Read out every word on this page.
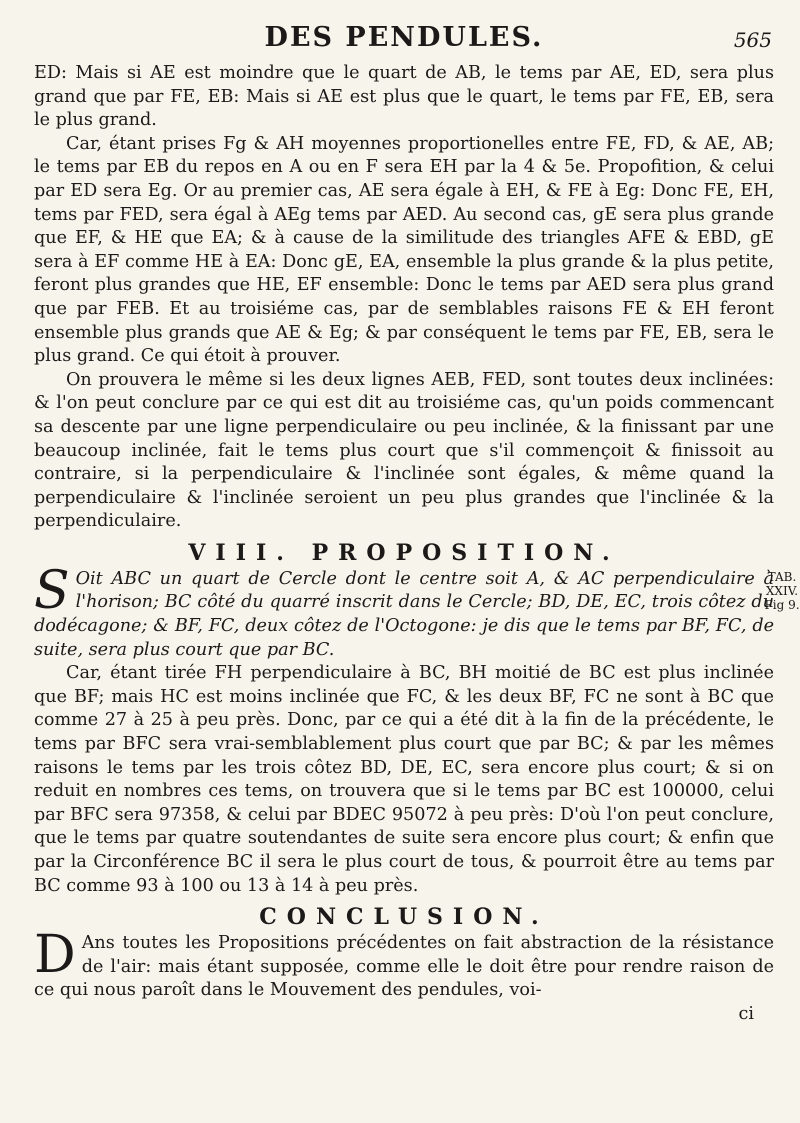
DES PENDULES.	565

ED: Mais si AE est moindre que le quart de AB, le tems par AE, ED, sera plus grand que par FE, EB: Mais si AE est plus que le quart, le tems par FE, EB, sera le plus grand.

Car, étant prises Fg & AH moyennes proportionelles entre FE, FD, & AE, AB; le tems par EB du repos en A ou en F sera EH par la 4 & 5e. Propofition, & celui par ED sera Eg. Or au premier cas, AE sera égale à EH, & FE à Eg: Donc FE, EH, tems par FED, sera égal à AEg tems par AED. Au second cas, gE sera plus grande que EF, & HE que EA; & à cause de la similitude des triangles AFE & EBD, gE sera à EF comme HE à EA: Donc gE, EA, ensemble la plus grande & la plus petite, feront plus grandes que HE, EF ensemble: Donc le tems par AED sera plus grand que par FEB. Et au troisiéme cas, par de semblables raisons FE & EH feront ensemble plus grands que AE & Eg; & par conséquent le tems par FE, EB, sera le plus grand. Ce qui étoit à prouver.

On prouvera le même si les deux lignes AEB, FED, sont toutes deux inclinées: & l'on peut conclure par ce qui est dit au troisiéme cas, qu'un poids commencant sa descente par une ligne perpendiculaire ou peu inclinée, & la finissant par une beaucoup inclinée, fait le tems plus court que s'il commençoit & finissoit au contraire, si la perpendiculaire & l'inclinée sont égales, & même quand la perpendiculaire & l'inclinée seroient un peu plus grandes que l'inclinée & la perpendiculaire.

VIII. PROPOSITION.
TAB. XXIV. Fig 9.

S Oit ABC un quart de Cercle dont le centre soit A, & AC perpendiculaire à l'horison; BC côté du quarré inscrit dans le Cercle; BD, DE, EC, trois côtez du dodécagone; & BF, FC, deux côtez de l'Octogone: je dis que le tems par BF, FC, de suite, sera plus court que par BC.

Car, étant tirée FH perpendiculaire à BC, BH moitié de BC est plus inclinée que BF; mais HC est moins inclinée que FC, & les deux BF, FC ne sont à BC que comme 27 à 25 à peu près. Donc, par ce qui a été dit à la fin de la précédente, le tems par BFC sera vrai-semblablement plus court que par BC; & par les mêmes raisons le tems par les trois côtez BD, DE, EC, sera encore plus court; & si on reduit en nombres ces tems, on trouvera que si le tems par BC est 100000, celui par BFC sera 97358, & celui par BDEC 95072 à peu près: D'où l'on peut conclure, que le tems par quatre soutendantes de suite sera encore plus court; & enfin que par la Circonférence BC il sera le plus court de tous, & pourroit être au tems par BC comme 93 à 100 ou 13 à 14 à peu près.

CONCLUSION.

D Ans toutes les Propositions précédentes on fait abstraction de la résistance de l'air: mais étant supposée, comme elle le doit être pour rendre raison de ce qui nous paroît dans le Mouvement des pendules, voi-

ci
